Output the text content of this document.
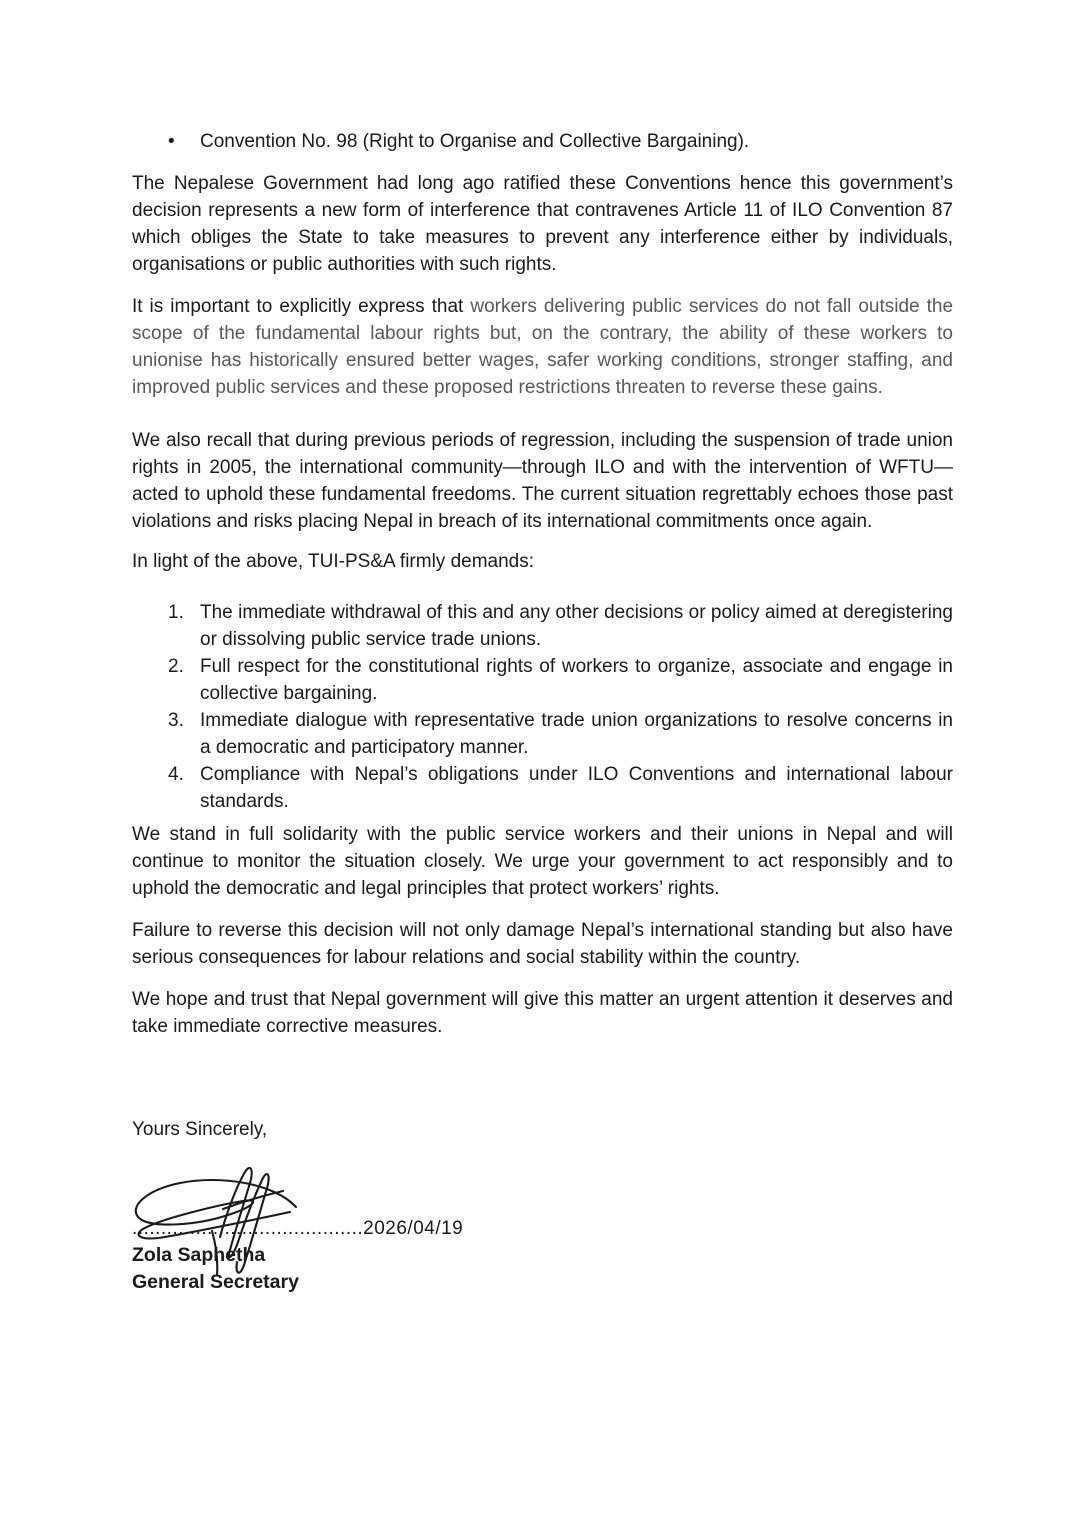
•	Convention No. 98 (Right to Organise and Collective Bargaining).

The Nepalese Government had long ago ratified these Conventions hence this government’s decision represents a new form of interference that contravenes Article 11 of ILO Convention 87 which obliges the State to take measures to prevent any interference either by individuals, organisations or public authorities with such rights.

It is important to explicitly express that workers delivering public services do not fall outside the scope of the fundamental labour rights but, on the contrary, the ability of these workers to unionise has historically ensured better wages, safer working conditions, stronger staffing, and improved public services and these proposed restrictions threaten to reverse these gains.

We also recall that during previous periods of regression, including the suspension of trade union rights in 2005, the international community—through ILO and with the intervention of WFTU—acted to uphold these fundamental freedoms. The current situation regrettably echoes those past violations and risks placing Nepal in breach of its international commitments once again.

In light of the above, TUI-PS&A firmly demands:

1. The immediate withdrawal of this and any other decisions or policy aimed at deregistering or dissolving public service trade unions.
2. Full respect for the constitutional rights of workers to organize, associate and engage in collective bargaining.
3. Immediate dialogue with representative trade union organizations to resolve concerns in a democratic and participatory manner.
4. Compliance with Nepal’s obligations under ILO Conventions and international labour standards.

We stand in full solidarity with the public service workers and their unions in Nepal and will continue to monitor the situation closely. We urge your government to act responsibly and to uphold the democratic and legal principles that protect workers’ rights.

Failure to reverse this decision will not only damage Nepal’s international standing but also have serious consequences for labour relations and social stability within the country.

We hope and trust that Nepal government will give this matter an urgent attention it deserves and take immediate corrective measures.

Yours Sincerely,

........................................2026/04/19

Zola Saphetha

General Secretary
